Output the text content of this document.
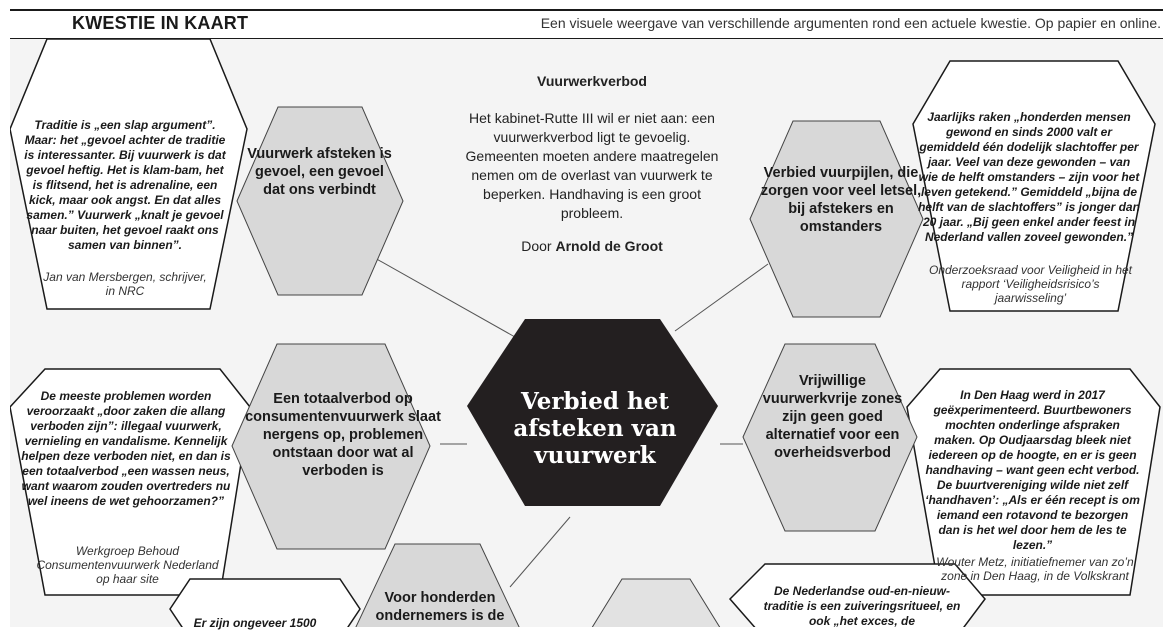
KWESTIE IN KAART	Een visuele weergave van verschillende argumenten rond een actuele kwestie. Op papier en online.
Vuurwerkverbod
Het kabinet-Rutte III wil er niet aan: een vuurwerkverbod ligt te gevoelig. Gemeenten moeten andere maatregelen nemen om de overlast van vuurwerk te beperken. Handhaving is een groot probleem.
Door Arnold de Groot
Verbied het afsteken van vuurwerk
Vuurwerk afsteken is gevoel, een gevoel dat ons verbindt
Verbied vuurpijlen, die zorgen voor veel letsel, bij afstekers en omstanders
Een totaalverbod op consumentenvuurwerk slaat nergens op, problemen ontstaan door wat al verboden is
Vrijwillige vuurwerkvrije zones zijn geen goed alternatief voor een overheidsverbod
Voor honderden ondernemers is de
Traditie is „een slap argument”. Maar: het „gevoel achter de traditie is interessanter. Bij vuurwerk is dat gevoel heftig. Het is klam-bam, het is flitsend, het is adrenaline, een kick, maar ook angst. En dat alles samen.” Vuurwerk „knalt je gevoel naar buiten, het gevoel raakt ons samen van binnen”.
Jan van Mersbergen, schrijver, in NRC
Jaarlijks raken „honderden mensen gewond en sinds 2000 valt er gemiddeld één dodelijk slachtoffer per jaar. Veel van deze gewonden – van wie de helft omstanders – zijn voor het leven getekend.” Gemiddeld „bijna de helft van de slachtoffers” is jonger dan 20 jaar. „Bij geen enkel ander feest in Nederland vallen zoveel gewonden.”
Onderzoeksraad voor Veiligheid in het rapport ‘Veiligheidsrisico’s jaarwisseling’
De meeste problemen worden veroorzaakt „door zaken die allang verboden zijn”: illegaal vuurwerk, vernieling en vandalisme. Kennelijk helpen deze verboden niet, en dan is een totaalverbod „een wassen neus, want waarom zouden overtreders nu wel ineens de wet gehoorzamen?”
Werkgroep Behoud Consumentenvuurwerk Nederland op haar site
In Den Haag werd in 2017 geëxperimenteerd. Buurtbewoners mochten onderlinge afspraken maken. Op Oudjaarsdag bleek niet iedereen op de hoogte, en er is geen handhaving – want geen echt verbod. De buurtvereniging wilde niet zelf ‘handhaven’: „Als er één recept is om iemand een rotavond te bezorgen dan is het wel door hem de les te lezen.”
Wouter Metz, initiatiefnemer van zo’n zone in Den Haag, in de Volkskrant
Er zijn ongeveer 1500
De Nederlandse oud-en-nieuw-traditie is een zuiveringsritueel, en ook „het exces, de
